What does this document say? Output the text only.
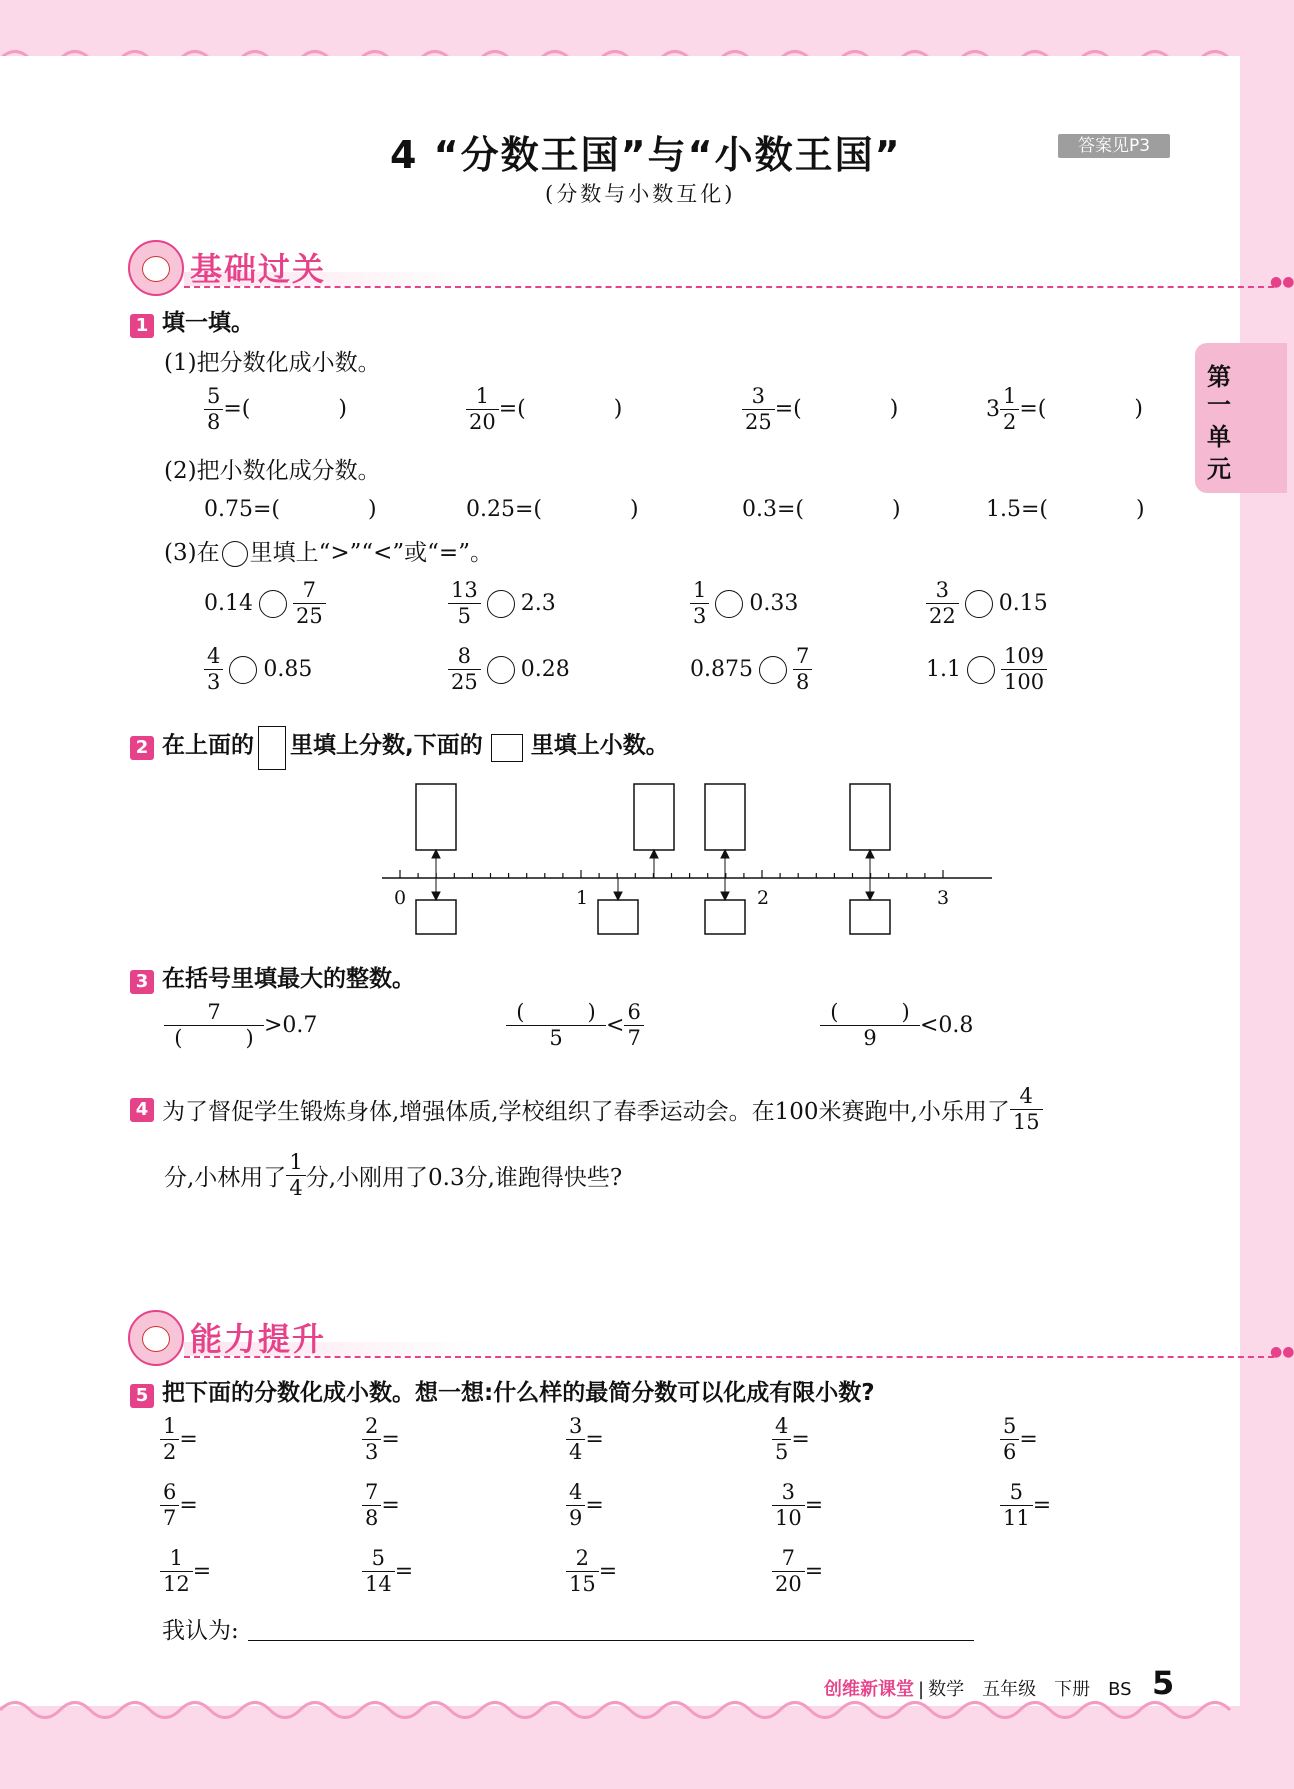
4 “分数王国”与“小数王国”
(分数与小数互化)
答案见P3
第
一
单
元
基础过关	●●
1 填一填。
(1)把分数化成小数。
$\frac{5}{8}$ =(　　　　)	$\frac{1}{20}$ =(　　　　)	$\frac{3}{25}$ =(　　　　)	$3 \frac{1}{2}$ =(　　　　)
(2)把小数化成分数。
0.75=(　　　　)	0.25=(　　　　)	0.3=(　　　　)	1.5=(　　　　)
(3)在 里填上“>”“<”或“=”。
$0.14 \frac{7}{25}$	$\frac{13}{5} 2.3$	$\frac{1}{3} 0.33$	$\frac{3}{22} 0.15$
$\frac{4}{3} 0.85$	$\frac{8}{25} 0.28$	$0.875 \frac{7}{8}$	$1.1 \frac{109}{100}$
2 在上面的 里填上分数,下面的 里填上小数。
0	1	2	3
3 在括号里填最大的整数。
$\frac{7}{( )} >0.7$	$\frac{( )}{5} < \frac{6}{7}$	$\frac{( )}{9} <0.8$
4 为了督促学生锻炼身体,增强体质,学校组织了春季运动会。在100米赛跑中,小乐用了 $\frac{4}{15}$
分,小林用了 $\frac{1}{4}$ 分,小刚用了0.3分,谁跑得快些?
能力提升	●●
5 把下面的分数化成小数。想一想:什么样的最简分数可以化成有限小数?
$\frac{1}{2}$ =	$\frac{2}{3}$ =	$\frac{3}{4}$ =	$\frac{4}{5}$ =	$\frac{5}{6}$ =
$\frac{6}{7}$ =	$\frac{7}{8}$ =	$\frac{4}{9}$ =	$\frac{3}{10}$ =	$\frac{5}{11}$ =
$\frac{1}{12}$ =	$\frac{5}{14}$ =	$\frac{2}{15}$ =	$\frac{7}{20}$ =
我认为:
创维新课堂 | 数学　五年级　下册　BS 5
